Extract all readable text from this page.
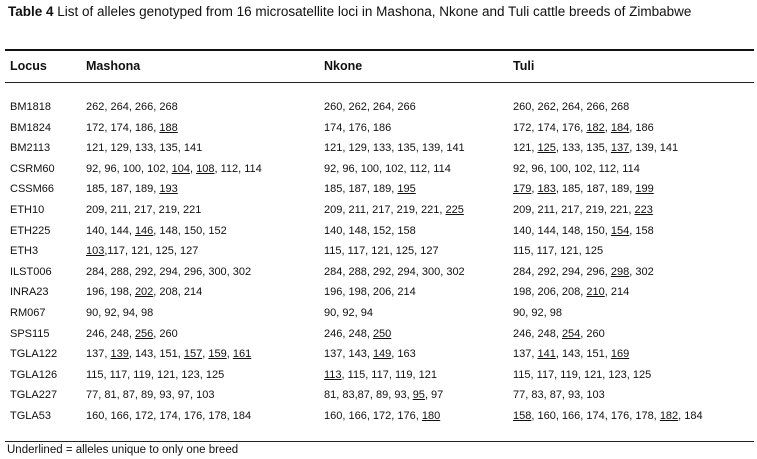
Table 4 List of alleles genotyped from 16 microsatellite loci in Mashona, Nkone and Tuli cattle breeds of Zimbabwe
Locus	Mashona	Nkone	Tuli
BM1818	262, 264, 266, 268	260, 262, 264, 266	260, 262, 264, 266, 268
BM1824	172, 174, 186, 188	174, 176, 186	172, 174, 176, 182, 184, 186
BM2113	121, 129, 133, 135, 141	121, 129, 133, 135, 139, 141	121, 125, 133, 135, 137, 139, 141
CSRM60	92, 96, 100, 102, 104, 108, 112, 114	92, 96, 100, 102, 112, 114	92, 96, 100, 102, 112, 114
CSSM66	185, 187, 189, 193	185, 187, 189, 195	179, 183, 185, 187, 189, 199
ETH10	209, 211, 217, 219, 221	209, 211, 217, 219, 221, 225	209, 211, 217, 219, 221, 223
ETH225	140, 144, 146, 148, 150, 152	140, 148, 152, 158	140, 144, 148, 150, 154, 158
ETH3	103,117, 121, 125, 127	115, 117, 121, 125, 127	115, 117, 121, 125
ILST006	284, 288, 292, 294, 296, 300, 302	284, 288, 292, 294, 300, 302	284, 292, 294, 296, 298, 302
INRA23	196, 198, 202, 208, 214	196, 198, 206, 214	198, 206, 208, 210, 214
RM067	90, 92, 94, 98	90, 92, 94	90, 92, 98
SPS115	246, 248, 256, 260	246, 248, 250	246, 248, 254, 260
TGLA122	137, 139, 143, 151, 157, 159, 161	137, 143, 149, 163	137, 141, 143, 151, 169
TGLA126	115, 117, 119, 121, 123, 125	113, 115, 117, 119, 121	115, 117, 119, 121, 123, 125
TGLA227	77, 81, 87, 89, 93, 97, 103	81, 83,87, 89, 93, 95, 97	77, 83, 87, 93, 103
TGLA53	160, 166, 172, 174, 176, 178, 184	160, 166, 172, 176, 180	158, 160, 166, 174, 176, 178, 182, 184
Underlined = alleles unique to only one breed
